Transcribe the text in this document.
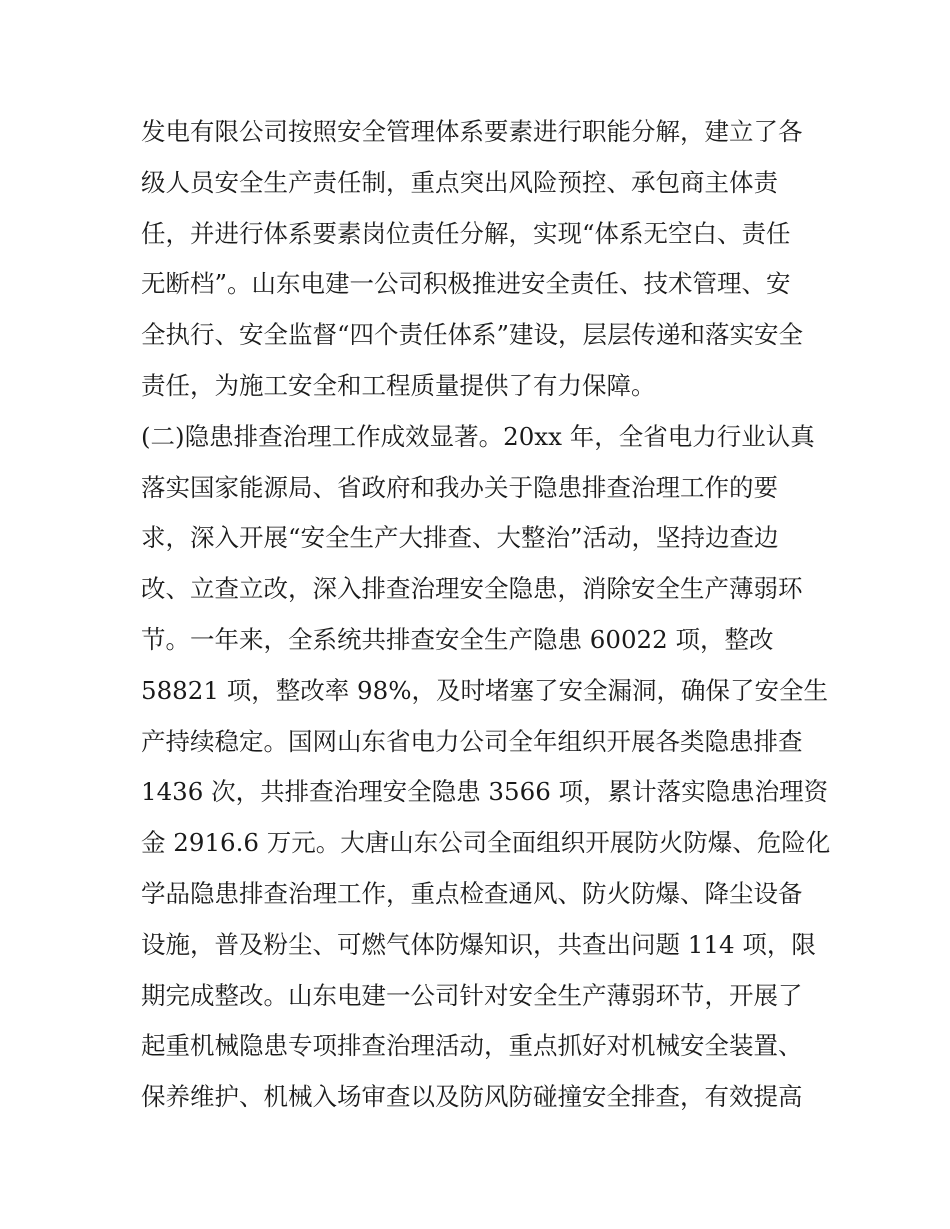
发电有限公司按照安全管理体系要素进行职能分解，建立了各
级人员安全生产责任制，重点突出风险预控、承包商主体责
任，并进行体系要素岗位责任分解，实现“体系无空白、责任
无断档”。山东电建一公司积极推进安全责任、技术管理、安
全执行、安全监督“四个责任体系”建设，层层传递和落实安全
责任，为施工安全和工程质量提供了有力保障。
(二)隐患排查治理工作成效显著。20xx 年，全省电力行业认真
落实国家能源局、省政府和我办关于隐患排查治理工作的要
求，深入开展“安全生产大排查、大整治”活动，坚持边查边
改、立查立改，深入排查治理安全隐患，消除安全生产薄弱环
节。一年来，全系统共排查安全生产隐患 60022 项，整改
58821 项，整改率 98%，及时堵塞了安全漏洞，确保了安全生
产持续稳定。国网山东省电力公司全年组织开展各类隐患排查
1436 次，共排查治理安全隐患 3566 项，累计落实隐患治理资
金 2916.6 万元。大唐山东公司全面组织开展防火防爆、危险化
学品隐患排查治理工作，重点检查通风、防火防爆、降尘设备
设施，普及粉尘、可燃气体防爆知识，共查出问题 114 项，限
期完成整改。山东电建一公司针对安全生产薄弱环节，开展了
起重机械隐患专项排查治理活动，重点抓好对机械安全装置、
保养维护、机械入场审查以及防风防碰撞安全排查，有效提高
